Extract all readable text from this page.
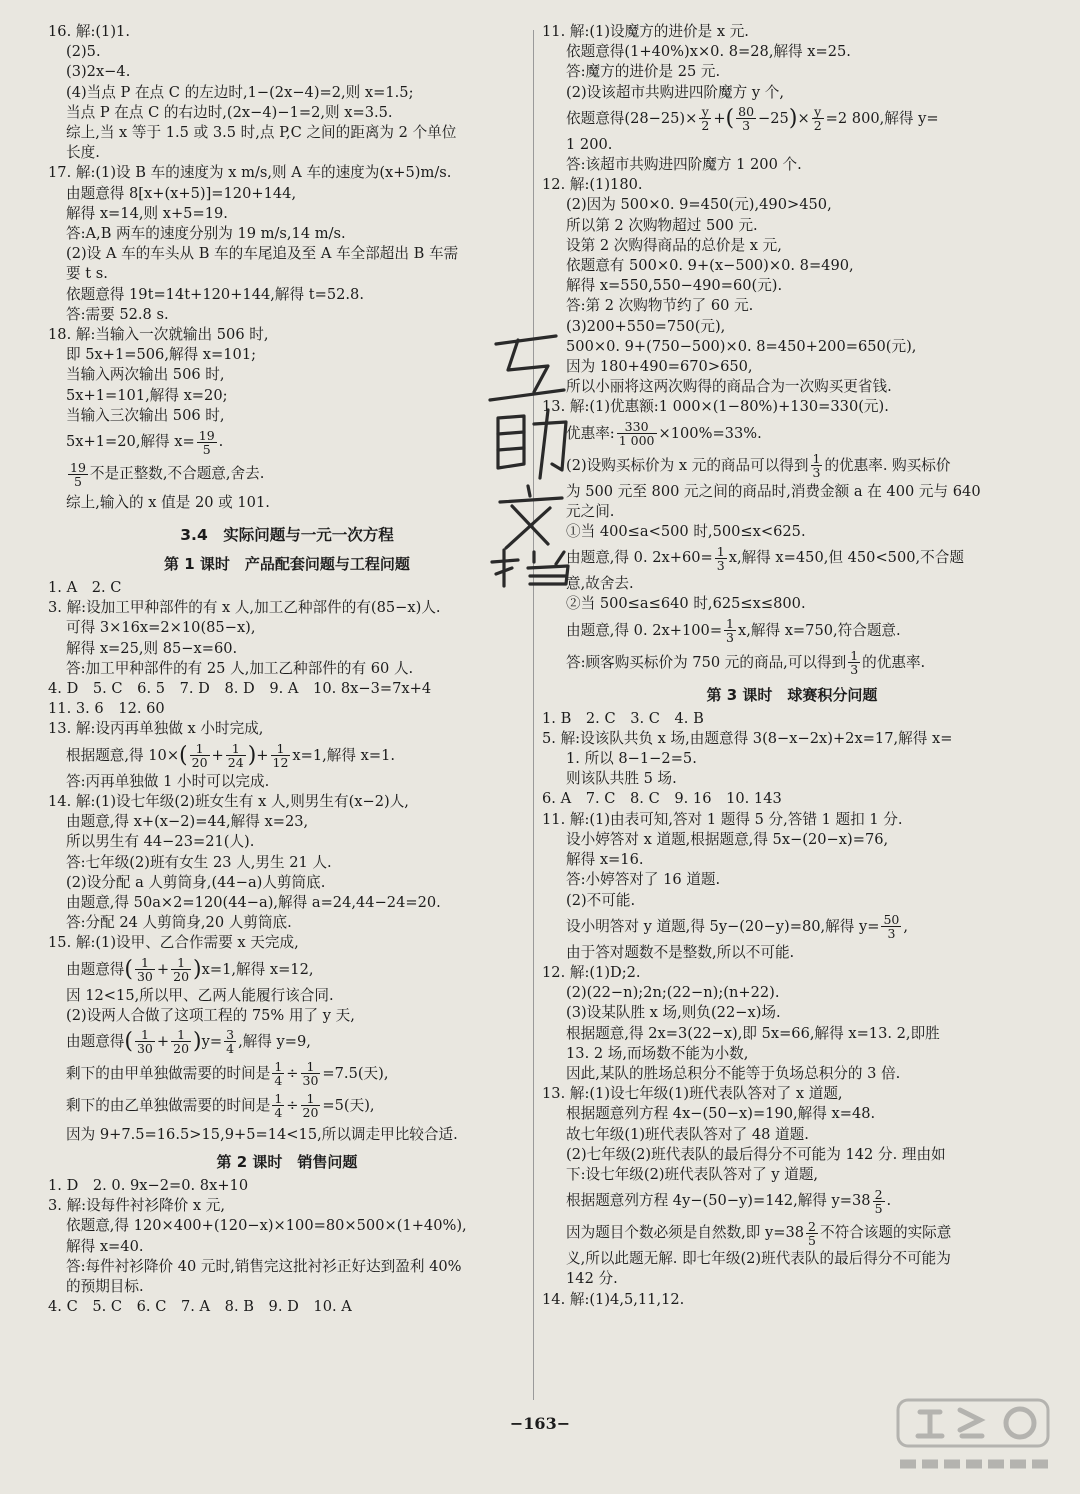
16. 解:(1)1.
(2)5.
(3)2x−4.
(4)当点 P 在点 C 的左边时,1−(2x−4)=2,则 x=1.5;
当点 P 在点 C 的右边时,(2x−4)−1=2,则 x=3.5.
综上,当 x 等于 1.5 或 3.5 时,点 P,C 之间的距离为 2 个单位
长度.
17. 解:(1)设 B 车的速度为 x m/s,则 A 车的速度为(x+5)m/s.
由题意得 8[x+(x+5)]=120+144,
解得 x=14,则 x+5=19.
答:A,B 两车的速度分别为 19 m/s,14 m/s.
(2)设 A 车的车头从 B 车的车尾追及至 A 车全部超出 B 车需
要 t s.
依题意得 19t=14t+120+144,解得 t=52.8.
答:需要 52.8 s.
18. 解:当输入一次就输出 506 时,
即 5x+1=506,解得 x=101;
当输入两次输出 506 时,
5x+1=101,解得 x=20;
当输入三次输出 506 时,
5x+1=20,解得 $x= \frac{19}{5}$ .
$\frac{19}{5}$ 不是正整数,不合题意,舍去.
综上,输入的 x 值是 20 或 101.
3.4　实际问题与一元一次方程
第 1 课时　产品配套问题与工程问题
1. A　2. C
3. 解:设加工甲种部件的有 x 人,加工乙种部件的有(85−x)人.
可得 3×16x=2×10(85−x),
解得 x=25,则 85−x=60.
答:加工甲种部件的有 25 人,加工乙种部件的有 60 人.
4. D　5. C　6. 5　7. D　8. D　9. A　10. 8x−3=7x+4
11. 3. 6　12. 60
13. 解:设丙再单独做 x 小时完成,
根据题意,得 $10\times( \frac{1}{20} + \frac{1}{24}$ )+ $\frac{1}{12} x=1$,解得 x=1.
答:丙再单独做 1 小时可以完成.
14. 解:(1)设七年级(2)班女生有 x 人,则男生有(x−2)人,
由题意,得 x+(x−2)=44,解得 x=23,
所以男生有 44−23=21(人).
答:七年级(2)班有女生 23 人,男生 21 人.
(2)设分配 a 人剪筒身,(44−a)人剪筒底.
由题意,得 50a×2=120(44−a),解得 a=24,44−24=20.
答:分配 24 人剪筒身,20 人剪筒底.
15. 解:(1)设甲、乙合作需要 x 天完成,
由题意得( $\frac{1}{30} + \frac{1}{20} )x=1$,解得 x=12,
因 12<15,所以甲、乙两人能履行该合同.
(2)设两人合做了这项工程的 75% 用了 y 天,
由题意得( $\frac{1}{30} + \frac{1}{20} )y= \frac{3}{4}$ ,解得 y=9,
剩下的由甲单独做需要的时间是 $\frac{1}{4} \div \frac{1}{30} =7.5$(天),
剩下的由乙单独做需要的时间是 $\frac{1}{4} \div \frac{1}{20} =5$(天),
因为 9+7.5=16.5>15,9+5=14<15,所以调走甲比较合适.
第 2 课时　销售问题
1. D　2. 0. 9x−2=0. 8x+10
3. 解:设每件衬衫降价 x 元,
依题意,得 120×400+(120−x)×100=80×500×(1+40%),
解得 x=40.
答:每件衬衫降价 40 元时,销售完这批衬衫正好达到盈利 40%
的预期目标.
4. C　5. C　6. C　7. A　8. B　9. D　10. A
11. 解:(1)设魔方的进价是 x 元.
依题意得(1+40%)x×0. 8=28,解得 x=25.
答:魔方的进价是 25 元.
(2)设该超市共购进四阶魔方 y 个,
依题意得$(28-25)\times \frac{y}{2}$ +( $\frac{80}{3} -25)\times \frac{y}{2} =2$ 800,解得 y=
1 200.
答:该超市共购进四阶魔方 1 200 个.
12. 解:(1)180.
(2)因为 500×0. 9=450(元),490>450,
所以第 2 次购物超过 500 元.
设第 2 次购得商品的总价是 x 元,
依题意有 500×0. 9+(x−500)×0. 8=490,
解得 x=550,550−490=60(元).
答:第 2 次购物节约了 60 元.
(3)200+550=750(元),
500×0. 9+(750−500)×0. 8=450+200=650(元),
因为 180+490=670>650,
所以小丽将这两次购得的商品合为一次购买更省钱.
13. 解:(1)优惠额:1 000×(1−80%)+130=330(元).
优惠率: $\frac{330}{1 000} \times 100\%=33\%$.
(2)设购买标价为 x 元的商品可以得到 $\frac{1}{3}$ 的优惠率. 购买标价
为 500 元至 800 元之间的商品时,消费金额 a 在 400 元与 640
元之间.
①当 400≤a<500 时,500≤x<625.
由题意,得 0. $2x+60= \frac{1}{3} x$,解得 x=450,但 450<500,不合题
意,故舍去.
②当 500≤a≤640 时,625≤x≤800.
由题意,得 0. $2x+100= \frac{1}{3} x$,解得 x=750,符合题意.
答:顾客购买标价为 750 元的商品,可以得到 $\frac{1}{3}$ 的优惠率.
第 3 课时　球赛积分问题
1. B　2. C　3. C　4. B
5. 解:设该队共负 x 场,由题意得 3(8−x−2x)+2x=17,解得 x=
1. 所以 8−1−2=5.
则该队共胜 5 场.
6. A　7. C　8. C　9. 16　10. 143
11. 解:(1)由表可知,答对 1 题得 5 分,答错 1 题扣 1 分.
设小婷答对 x 道题,根据题意,得 5x−(20−x)=76,
解得 x=16.
答:小婷答对了 16 道题.
(2)不可能.
设小明答对 y 道题,得 5y−(20−y)=80,解得 $y= \frac{50}{3}$ ,
由于答对题数不是整数,所以不可能.
12. 解:(1)D;2.
(2)(22−n);2n;(22−n);(n+22).
(3)设某队胜 x 场,则负(22−x)场.
根据题意,得 2x=3(22−x),即 5x=66,解得 x=13. 2,即胜
13. 2 场,而场数不能为小数,
因此,某队的胜场总积分不能等于负场总积分的 3 倍.
13. 解:(1)设七年级(1)班代表队答对了 x 道题,
根据题意列方程 4x−(50−x)=190,解得 x=48.
故七年级(1)班代表队答对了 48 道题.
(2)七年级(2)班代表队的最后得分不可能为 142 分. 理由如
下:设七年级(2)班代表队答对了 y 道题,
根据题意列方程 4y−(50−y)=142,解得 $y=38 \frac{2}{5}$ .
因为题目个数必须是自然数,即 $y=38 \frac{2}{5}$ 不符合该题的实际意
义,所以此题无解. 即七年级(2)班代表队的最后得分不可能为
142 分.
14. 解:(1)4,5,11,12.
−163−
